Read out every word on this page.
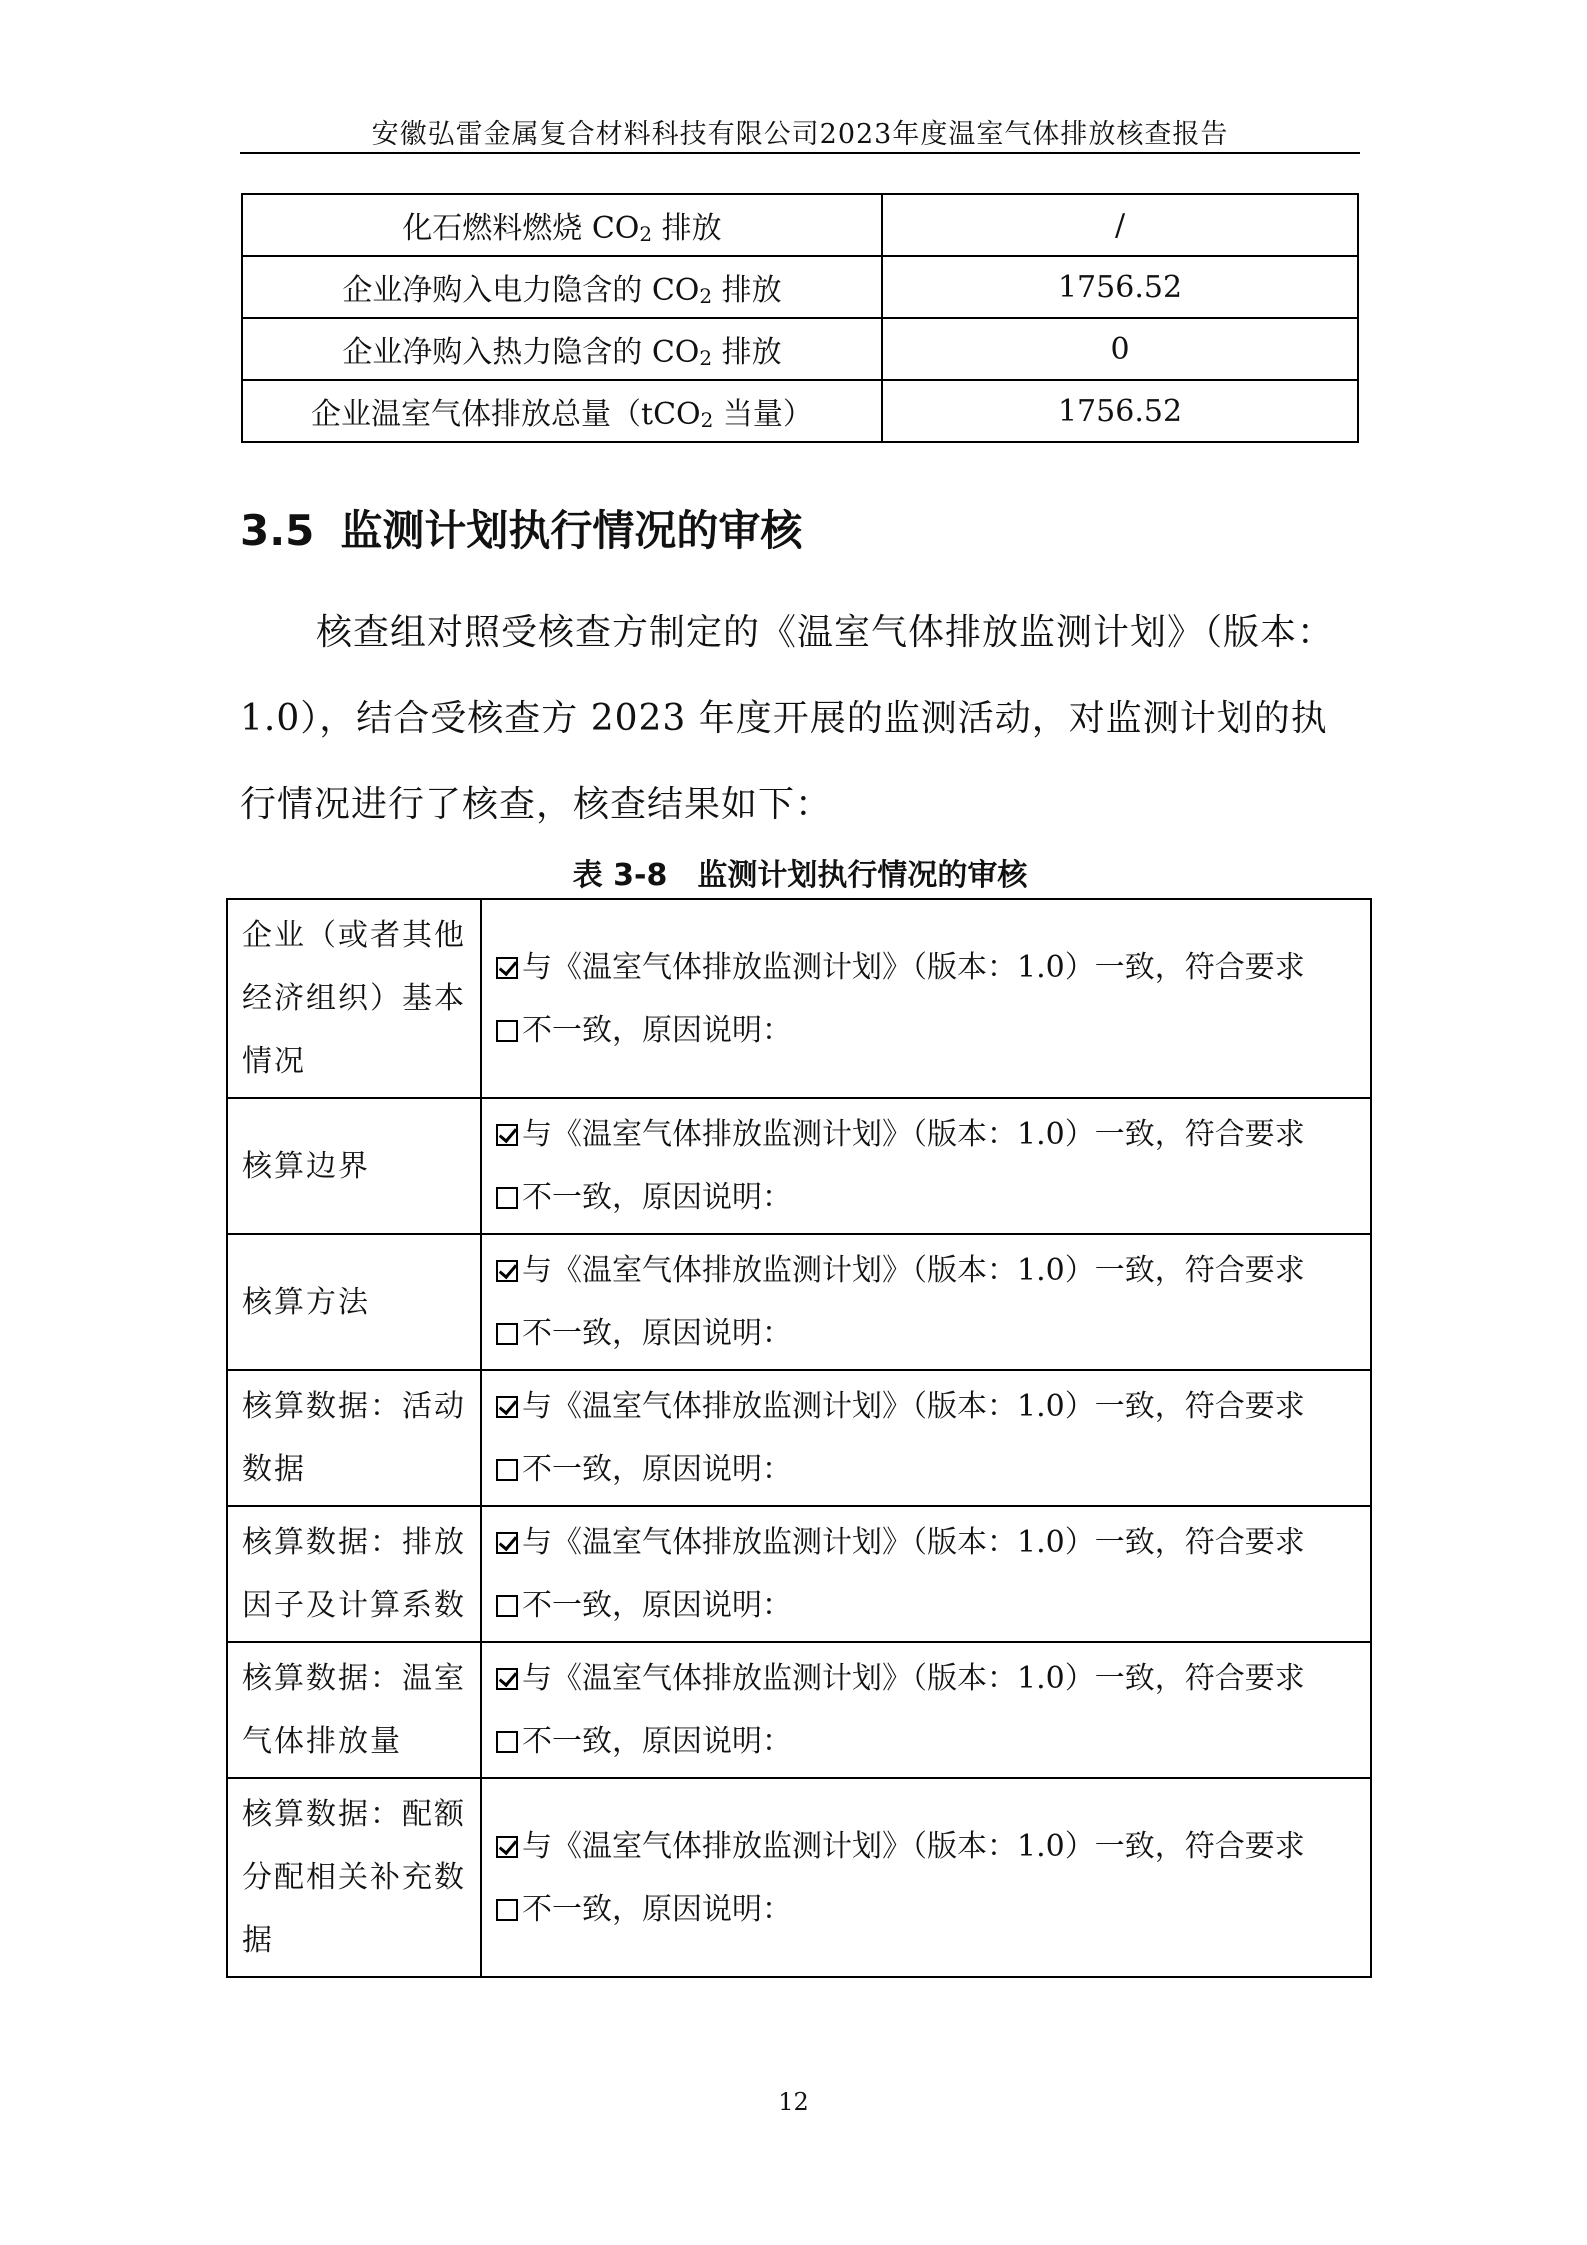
安徽弘雷金属复合材料科技有限公司2023年度温室气体排放核查报告
化石燃料燃烧 $CO_2$ 排放	/
企业净购入电力隐含的 $CO_2$ 排放	1756.52
企业净购入热力隐含的 $CO_2$ 排放	0
企业温室气体排放总量（tCO$_2$ 当量）	1756.52
3.5 监测计划执行情况的审核
核查组对照受核查方制定的《温室气体排放监测计划》（版本：1.0），结合受核查方 2023 年度开展的监测活动，对监测计划的执行情况进行了核查，核查结果如下：
表 3-8 监测计划执行情况的审核
企业（或者其他经济组织）基本情况	与《温室气体排放监测计划》（版本：1.0）一致，符合要求
不一致，原因说明：

核算边界	与《温室气体排放监测计划》（版本：1.0）一致，符合要求
不一致，原因说明：

核算方法	与《温室气体排放监测计划》（版本：1.0）一致，符合要求
不一致，原因说明：

核算数据：活动数据	与《温室气体排放监测计划》（版本：1.0）一致，符合要求
不一致，原因说明：

核算数据：排放因子及计算系数	与《温室气体排放监测计划》（版本：1.0）一致，符合要求
不一致，原因说明：

核算数据：温室气体排放量	与《温室气体排放监测计划》（版本：1.0）一致，符合要求
不一致，原因说明：

核算数据：配额分配相关补充数据	与《温室气体排放监测计划》（版本：1.0）一致，符合要求
不一致，原因说明：
12
